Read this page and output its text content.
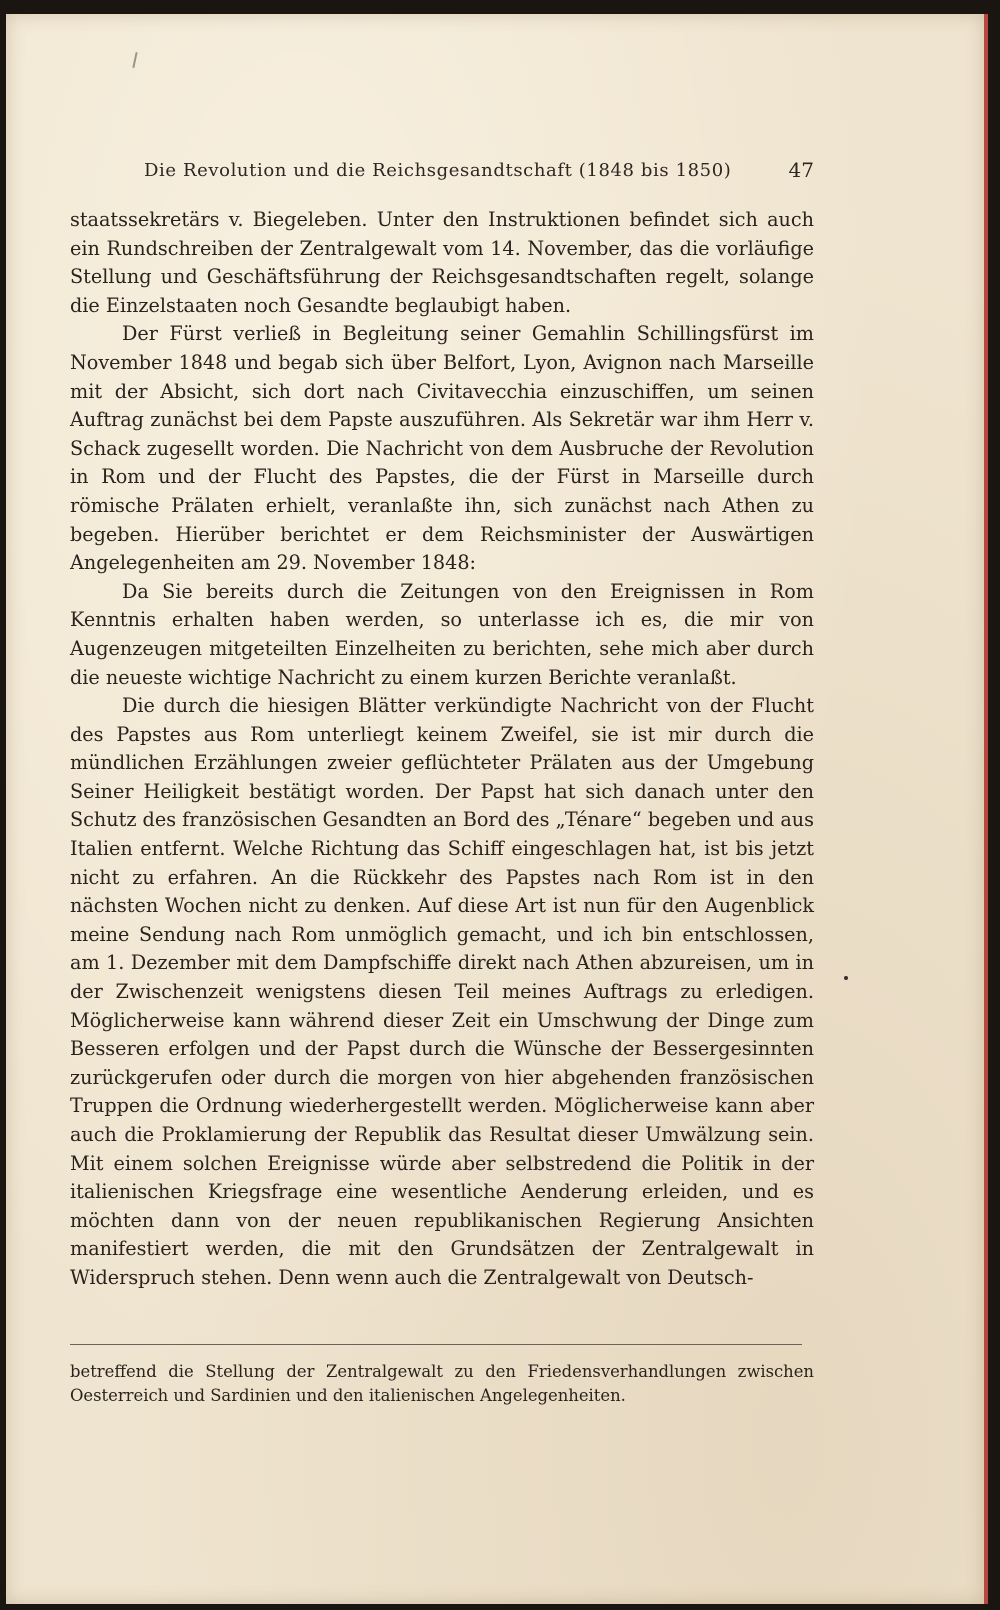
Die Revolution und die Reichsgesandtschaft (1848 bis 1850)	47

staatssekretärs v. Biegeleben. Unter den Instruktionen befindet sich auch ein Rundschreiben der Zentralgewalt vom 14. November, das die vorläufige Stellung und Geschäftsführung der Reichsgesandtschaften regelt, solange die Einzelstaaten noch Gesandte beglaubigt haben.

Der Fürst verließ in Begleitung seiner Gemahlin Schillingsfürst im November 1848 und begab sich über Belfort, Lyon, Avignon nach Marseille mit der Absicht, sich dort nach Civitavecchia einzuschiffen, um seinen Auftrag zunächst bei dem Papste auszuführen. Als Sekretär war ihm Herr v. Schack zugesellt worden. Die Nachricht von dem Ausbruche der Revolution in Rom und der Flucht des Papstes, die der Fürst in Marseille durch römische Prälaten erhielt, veranlaßte ihn, sich zunächst nach Athen zu begeben. Hierüber berichtet er dem Reichsminister der Auswärtigen Angelegenheiten am 29. November 1848:

Da Sie bereits durch die Zeitungen von den Ereignissen in Rom Kenntnis erhalten haben werden, so unterlasse ich es, die mir von Augenzeugen mitgeteilten Einzelheiten zu berichten, sehe mich aber durch die neueste wichtige Nachricht zu einem kurzen Berichte veranlaßt.

Die durch die hiesigen Blätter verkündigte Nachricht von der Flucht des Papstes aus Rom unterliegt keinem Zweifel, sie ist mir durch die mündlichen Erzählungen zweier geflüchteter Prälaten aus der Umgebung Seiner Heiligkeit bestätigt worden. Der Papst hat sich danach unter den Schutz des französischen Gesandten an Bord des „Ténare“ begeben und aus Italien entfernt. Welche Richtung das Schiff eingeschlagen hat, ist bis jetzt nicht zu erfahren. An die Rückkehr des Papstes nach Rom ist in den nächsten Wochen nicht zu denken. Auf diese Art ist nun für den Augenblick meine Sendung nach Rom unmöglich gemacht, und ich bin entschlossen, am 1. Dezember mit dem Dampfschiffe direkt nach Athen abzureisen, um in der Zwischenzeit wenigstens diesen Teil meines Auftrags zu erledigen. Möglicherweise kann während dieser Zeit ein Umschwung der Dinge zum Besseren erfolgen und der Papst durch die Wünsche der Bessergesinnten zurückgerufen oder durch die morgen von hier abgehenden französischen Truppen die Ordnung wiederhergestellt werden. Möglicherweise kann aber auch die Proklamierung der Republik das Resultat dieser Umwälzung sein. Mit einem solchen Ereignisse würde aber selbstredend die Politik in der italienischen Kriegsfrage eine wesentliche Aenderung erleiden, und es möchten dann von der neuen republikanischen Regierung Ansichten manifestiert werden, die mit den Grundsätzen der Zentralgewalt in Widerspruch stehen. Denn wenn auch die Zentralgewalt von Deutsch-

betreffend die Stellung der Zentralgewalt zu den Friedensverhandlungen zwischen Oesterreich und Sardinien und den italienischen Angelegenheiten.
